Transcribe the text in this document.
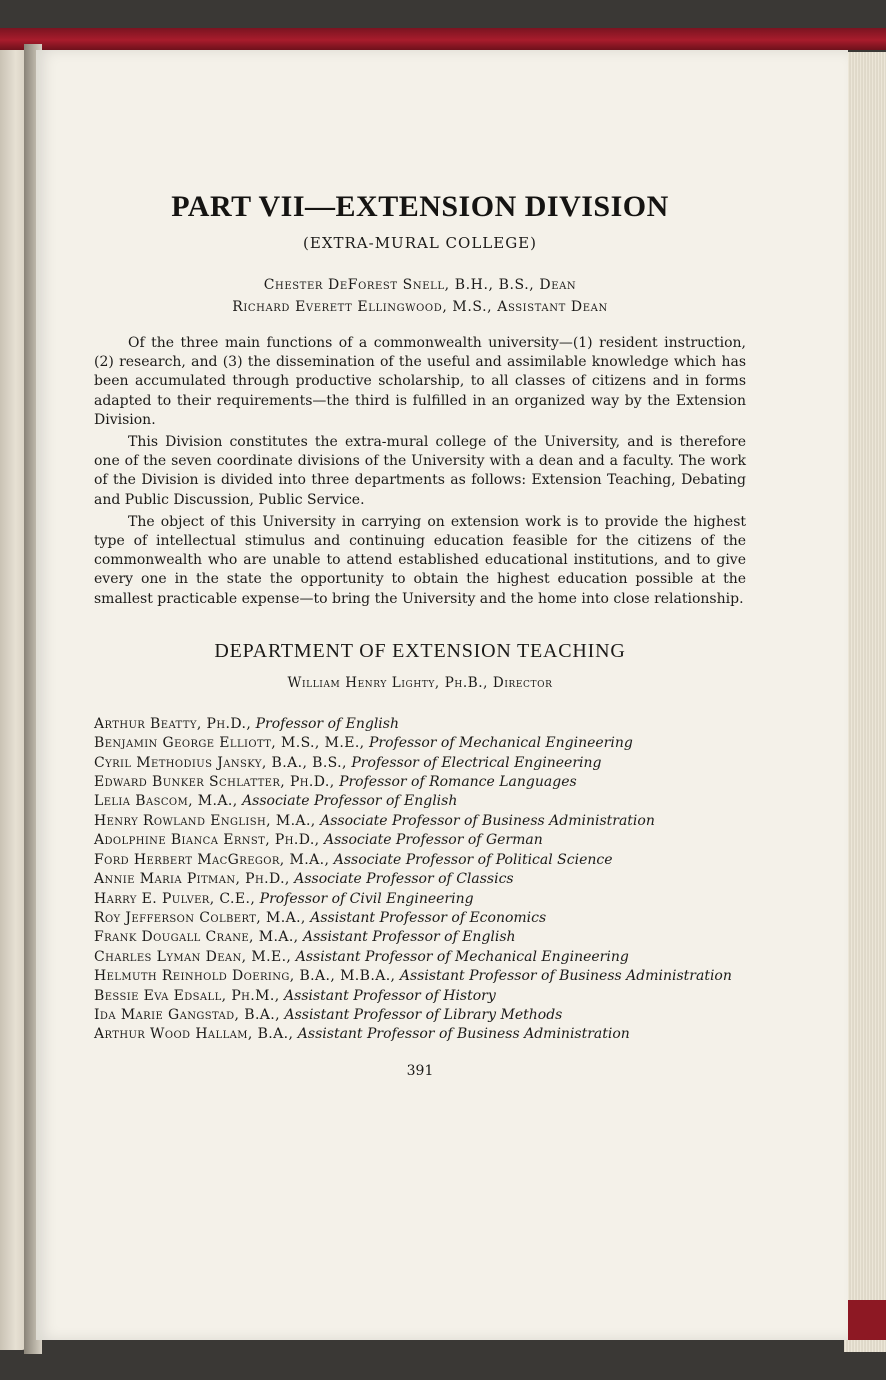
PART VII—EXTENSION DIVISION
(EXTRA-MURAL COLLEGE)
Chester DeForest Snell, B.H., B.S., Dean
Richard Everett Ellingwood, M.S., Assistant Dean

Of the three main functions of a commonwealth university—(1) resident instruction, (2) research, and (3) the dissemination of the useful and assimilable knowledge which has been accumulated through productive scholarship, to all classes of citizens and in forms adapted to their requirements—the third is fulfilled in an organized way by the Extension Division.

This Division constitutes the extra-mural college of the University, and is therefore one of the seven coordinate divisions of the University with a dean and a faculty. The work of the Division is divided into three departments as follows: Extension Teaching, Debating and Public Discussion, Public Service.

The object of this University in carrying on extension work is to provide the highest type of intellectual stimulus and continuing education feasible for the citizens of the commonwealth who are unable to attend established educational institutions, and to give every one in the state the opportunity to obtain the highest education possible at the smallest practicable expense—to bring the University and the home into close relationship.

DEPARTMENT OF EXTENSION TEACHING
William Henry Lighty, Ph.B., Director
Arthur Beatty, Ph.D., Professor of English
Benjamin George Elliott, M.S., M.E., Professor of Mechanical Engineering
Cyril Methodius Jansky, B.A., B.S., Professor of Electrical Engineering
Edward Bunker Schlatter, Ph.D., Professor of Romance Languages
Lelia Bascom, M.A., Associate Professor of English
Henry Rowland English, M.A., Associate Professor of Business Administration
Adolphine Bianca Ernst, Ph.D., Associate Professor of German
Ford Herbert MacGregor, M.A., Associate Professor of Political Science
Annie Maria Pitman, Ph.D., Associate Professor of Classics
Harry E. Pulver, C.E., Professor of Civil Engineering
Roy Jefferson Colbert, M.A., Assistant Professor of Economics
Frank Dougall Crane, M.A., Assistant Professor of English
Charles Lyman Dean, M.E., Assistant Professor of Mechanical Engineering
Helmuth Reinhold Doering, B.A., M.B.A., Assistant Professor of Business Administration
Bessie Eva Edsall, Ph.M., Assistant Professor of History
Ida Marie Gangstad, B.A., Assistant Professor of Library Methods
Arthur Wood Hallam, B.A., Assistant Professor of Business Administration
391
